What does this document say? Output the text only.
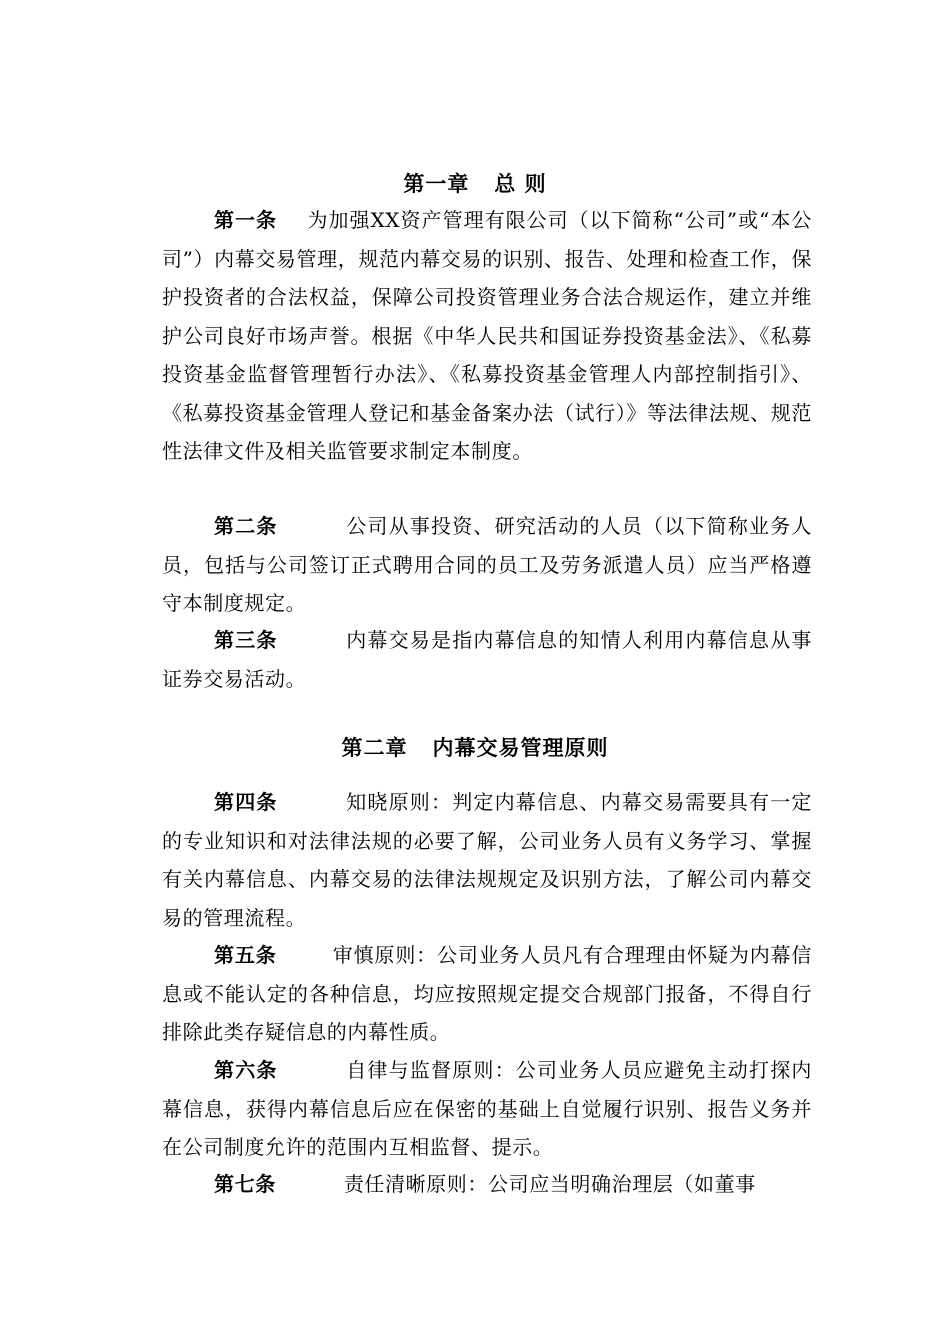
第一章   总 则
第一条 为加强XX资产管理有限公司（以下简称“公司”或“本公司”）内幕交易管理，规范内幕交易的识别、报告、处理和检查工作，保护投资者的合法权益，保障公司投资管理业务合法合规运作，建立并维护公司良好市场声誉。根据《中华人民共和国证券投资基金法》、《私募投资基金监督管理暂行办法》、《私募投资基金管理人内部控制指引》、《私募投资基金管理人登记和基金备案办法（试行）》等法律法规、规范性法律文件及相关监管要求制定本制度。
第二条	公司从事投资、研究活动的人员（以下简称业务人员，包括与公司签订正式聘用合同的员工及劳务派遣人员）应当严格遵守本制度规定。
第三条	内幕交易是指内幕信息的知情人利用内幕信息从事证券交易活动。
第二章   内幕交易管理原则
第四条	知晓原则：判定内幕信息、内幕交易需要具有一定的专业知识和对法律法规的必要了解，公司业务人员有义务学习、掌握有关内幕信息、内幕交易的法律法规规定及识别方法，了解公司内幕交易的管理流程。
第五条	审慎原则：公司业务人员凡有合理理由怀疑为内幕信息或不能认定的各种信息，均应按照规定提交合规部门报备，不得自行排除此类存疑信息的内幕性质。
第六条	自律与监督原则：公司业务人员应避免主动打探内幕信息，获得内幕信息后应在保密的基础上自觉履行识别、报告义务并在公司制度允许的范围内互相监督、提示。
第七条	责任清晰原则：公司应当明确治理层（如董事
